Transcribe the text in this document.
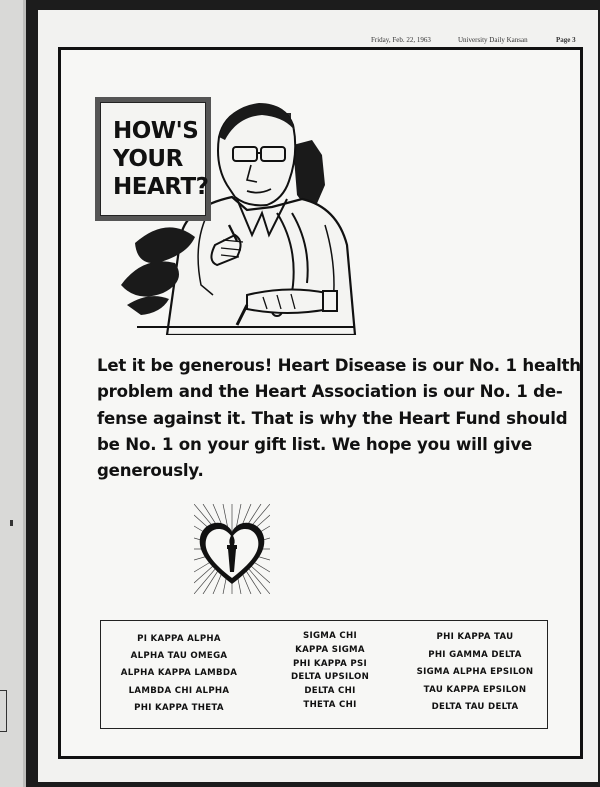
Friday, Feb. 22, 1963	University Daily Kansan	Page 3
HOW'S
YOUR
HEART?
Let it be generous! Heart Disease is our No. 1 health
problem and the Heart Association is our No. 1 de-
fense against it. That is why the Heart Fund should
be No. 1 on your gift list. We hope you will give
generously.
PI KAPPA ALPHA
ALPHA TAU OMEGA
ALPHA KAPPA LAMBDA
LAMBDA CHI ALPHA
PHI KAPPA THETA
SIGMA CHI
KAPPA SIGMA
PHI KAPPA PSI
DELTA UPSILON
DELTA CHI
THETA CHI
PHI KAPPA TAU
PHI GAMMA DELTA
SIGMA ALPHA EPSILON
TAU KAPPA EPSILON
DELTA TAU DELTA
